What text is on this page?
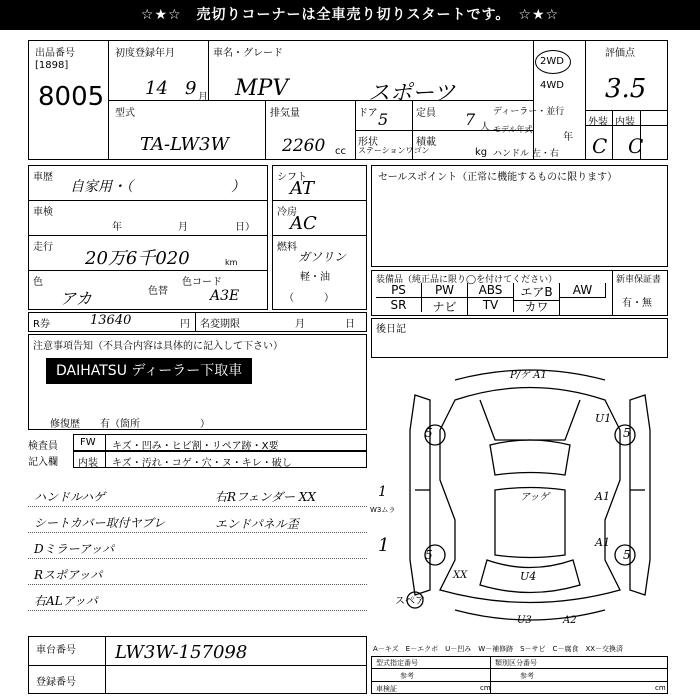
☆★☆　売切りコーナーは全車売り切りスタートです。　☆★☆
出品番号
[1898]
8005
初度登録年月
14 9 月
車名・グレード
MPV	スポーツ
2WD
4WD
評価点
3.5
外装 内装
C C
型式
TA-LW3W
排気量
2260 cc
ドア 5	定員 7 人
形状
ステーションワゴン
積載
kg
ディーラー・並行
モデル年式
年
ハンドル 左・右
車歴
自家用・（　　　　　　　）
車検
年	月	日）
走行
20万6千020	km
色
アカ	色替
色コード
A3E
シフト
AT
冷房
AC
燃料
ガソリン
軽・油
（　　　）
セールスポイント（正常に機能するものに限ります）
装備品（純正品に限り◯を付けてください）	新車保証書
有・無
PS	PW	ABS	エアB	AW
SR	ナビ	TV	カワ
後日記
R券	13640	円 名変期限	月	日
注意事項告知（不具合内容は具体的に記入して下さい）
DAIHATSU ディーラー下取車
修復歴　　有（箇所　　　　　　）
検査員
記入欄
FW キズ・凹み・ヒビ割・リペア跡・X要
内装 キズ・汚れ・コゲ・穴・ヌ・キレ・破し
ハンドルハゲ
シートカバー取付ヤブレ
Dミラーアッパ
Rスポアッパ
右ALアッパ
右Rフェンダー XX
エンドパネル歪
1
W3ムラ
1
P/ゲ A1
U1
5	5
アッゲ	A1
A1
5	5
XX	U4
U3	A2
スペア
車台番号 LW3W-157098
登録番号
A－キズ　E－エクボ　U－凹み　W－補修跡　S－サビ　C－腐食　XX－交換済
型式指定番号	類別区分番号
参考	参考
車検証	cm	cm
